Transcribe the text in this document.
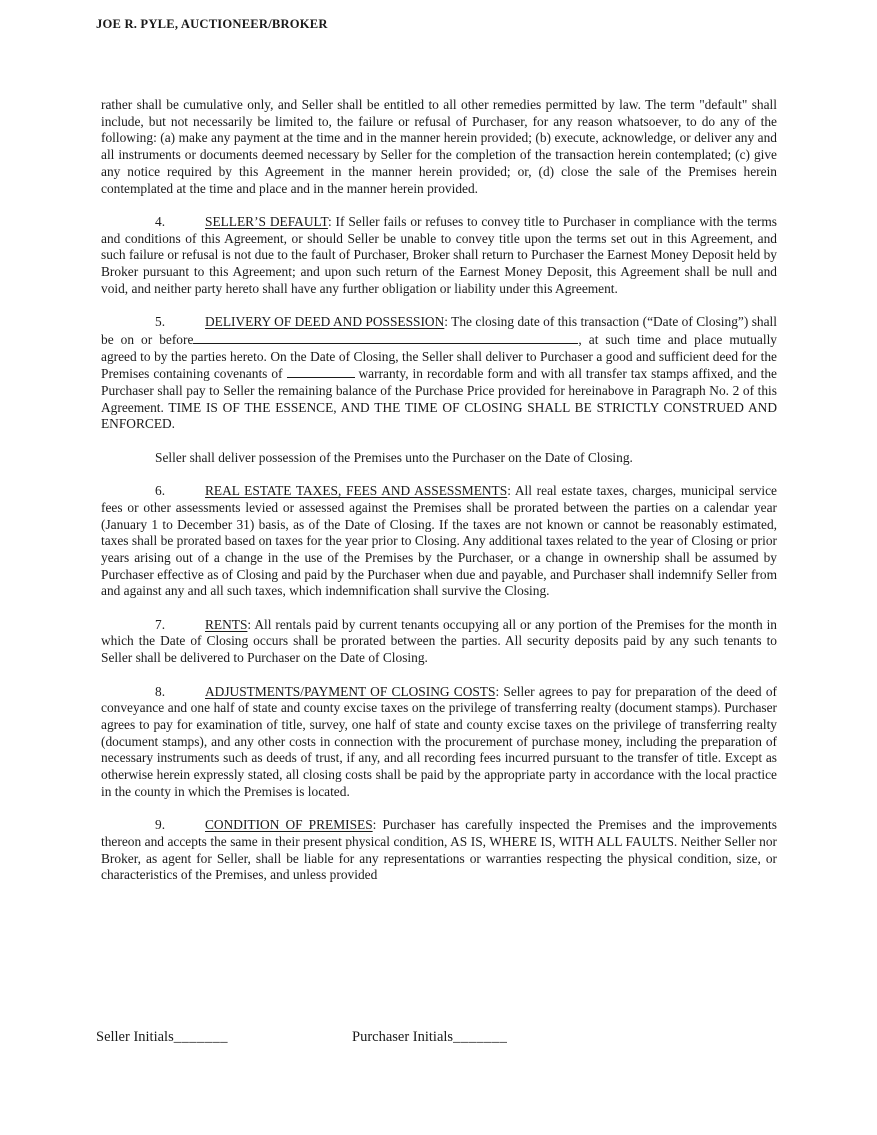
JOE R. PYLE, AUCTIONEER/BROKER

rather shall be cumulative only, and Seller shall be entitled to all other remedies permitted by law. The term "default" shall include, but not necessarily be limited to, the failure or refusal of Purchaser, for any reason whatsoever, to do any of the following: (a) make any payment at the time and in the manner herein provided; (b) execute, acknowledge, or deliver any and all instruments or documents deemed necessary by Seller for the completion of the transaction herein contemplated; (c) give any notice required by this Agreement in the manner herein provided; or, (d) close the sale of the Premises herein contemplated at the time and place and in the manner herein provided.

4.	SELLER’S DEFAULT: If Seller fails or refuses to convey title to Purchaser in compliance with the terms and conditions of this Agreement, or should Seller be unable to convey title upon the terms set out in this Agreement, and such failure or refusal is not due to the fault of Purchaser, Broker shall return to Purchaser the Earnest Money Deposit held by Broker pursuant to this Agreement; and upon such return of the Earnest Money Deposit, this Agreement shall be null and void, and neither party hereto shall have any further obligation or liability under this Agreement.

5.	DELIVERY OF DEED AND POSSESSION: The closing date of this transaction (“Date of Closing”) shall be on or before	, at such time and place mutually agreed to by the parties hereto. On the Date of Closing, the Seller shall deliver to Purchaser a good and sufficient deed for the Premises containing covenants of	warranty, in recordable form and with all transfer tax stamps affixed, and the Purchaser shall pay to Seller the remaining balance of the Purchase Price provided for hereinabove in Paragraph No. 2 of this Agreement. TIME IS OF THE ESSENCE, AND THE TIME OF CLOSING SHALL BE STRICTLY CONSTRUED AND ENFORCED.

Seller shall deliver possession of the Premises unto the Purchaser on the Date of Closing.

6.	REAL ESTATE TAXES, FEES AND ASSESSMENTS: All real estate taxes, charges, municipal service fees or other assessments levied or assessed against the Premises shall be prorated between the parties on a calendar year (January 1 to December 31) basis, as of the Date of Closing. If the taxes are not known or cannot be reasonably estimated, taxes shall be prorated based on taxes for the year prior to Closing. Any additional taxes related to the year of Closing or prior years arising out of a change in the use of the Premises by the Purchaser, or a change in ownership shall be assumed by Purchaser effective as of Closing and paid by the Purchaser when due and payable, and Purchaser shall indemnify Seller from and against any and all such taxes, which indemnification shall survive the Closing.

7.	RENTS: All rentals paid by current tenants occupying all or any portion of the Premises for the month in which the Date of Closing occurs shall be prorated between the parties. All security deposits paid by any such tenants to Seller shall be delivered to Purchaser on the Date of Closing.

8.	ADJUSTMENTS/PAYMENT OF CLOSING COSTS: Seller agrees to pay for preparation of the deed of conveyance and one half of state and county excise taxes on the privilege of transferring realty (document stamps). Purchaser agrees to pay for examination of title, survey, one half of state and county excise taxes on the privilege of transferring realty (document stamps), and any other costs in connection with the procurement of purchase money, including the preparation of necessary instruments such as deeds of trust, if any, and all recording fees incurred pursuant to the transfer of title. Except as otherwise herein expressly stated, all closing costs shall be paid by the appropriate party in accordance with the local practice in the county in which the Premises is located.

9.	CONDITION OF PREMISES: Purchaser has carefully inspected the Premises and the improvements thereon and accepts the same in their present physical condition, AS IS, WHERE IS, WITH ALL FAULTS. Neither Seller nor Broker, as agent for Seller, shall be liable for any representations or warranties respecting the physical condition, size, or characteristics of the Premises, and unless provided

Seller Initials_______	Purchaser Initials_______
